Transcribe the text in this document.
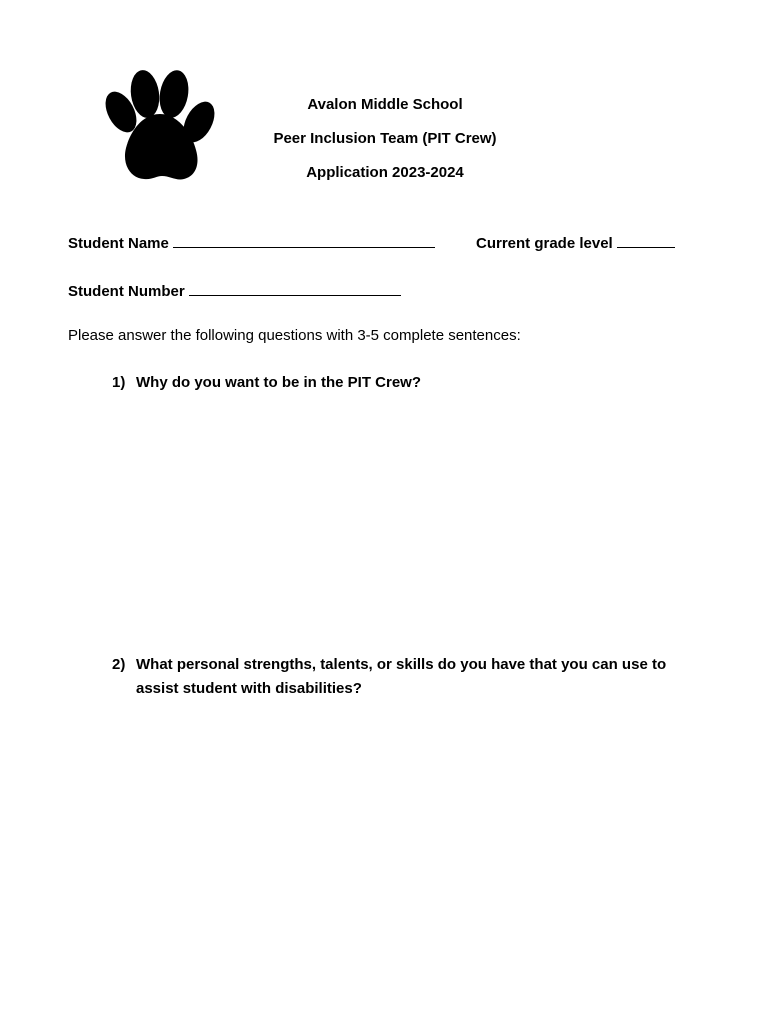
Avalon Middle School
Peer Inclusion Team (PIT Crew)
Application 2023-2024
Student Name	Current grade level
Student Number
Please answer the following questions with 3-5 complete sentences:
1) Why do you want to be in the PIT Crew?
2) What personal strengths, talents, or skills do you have that you can use to assist student with disabilities?
